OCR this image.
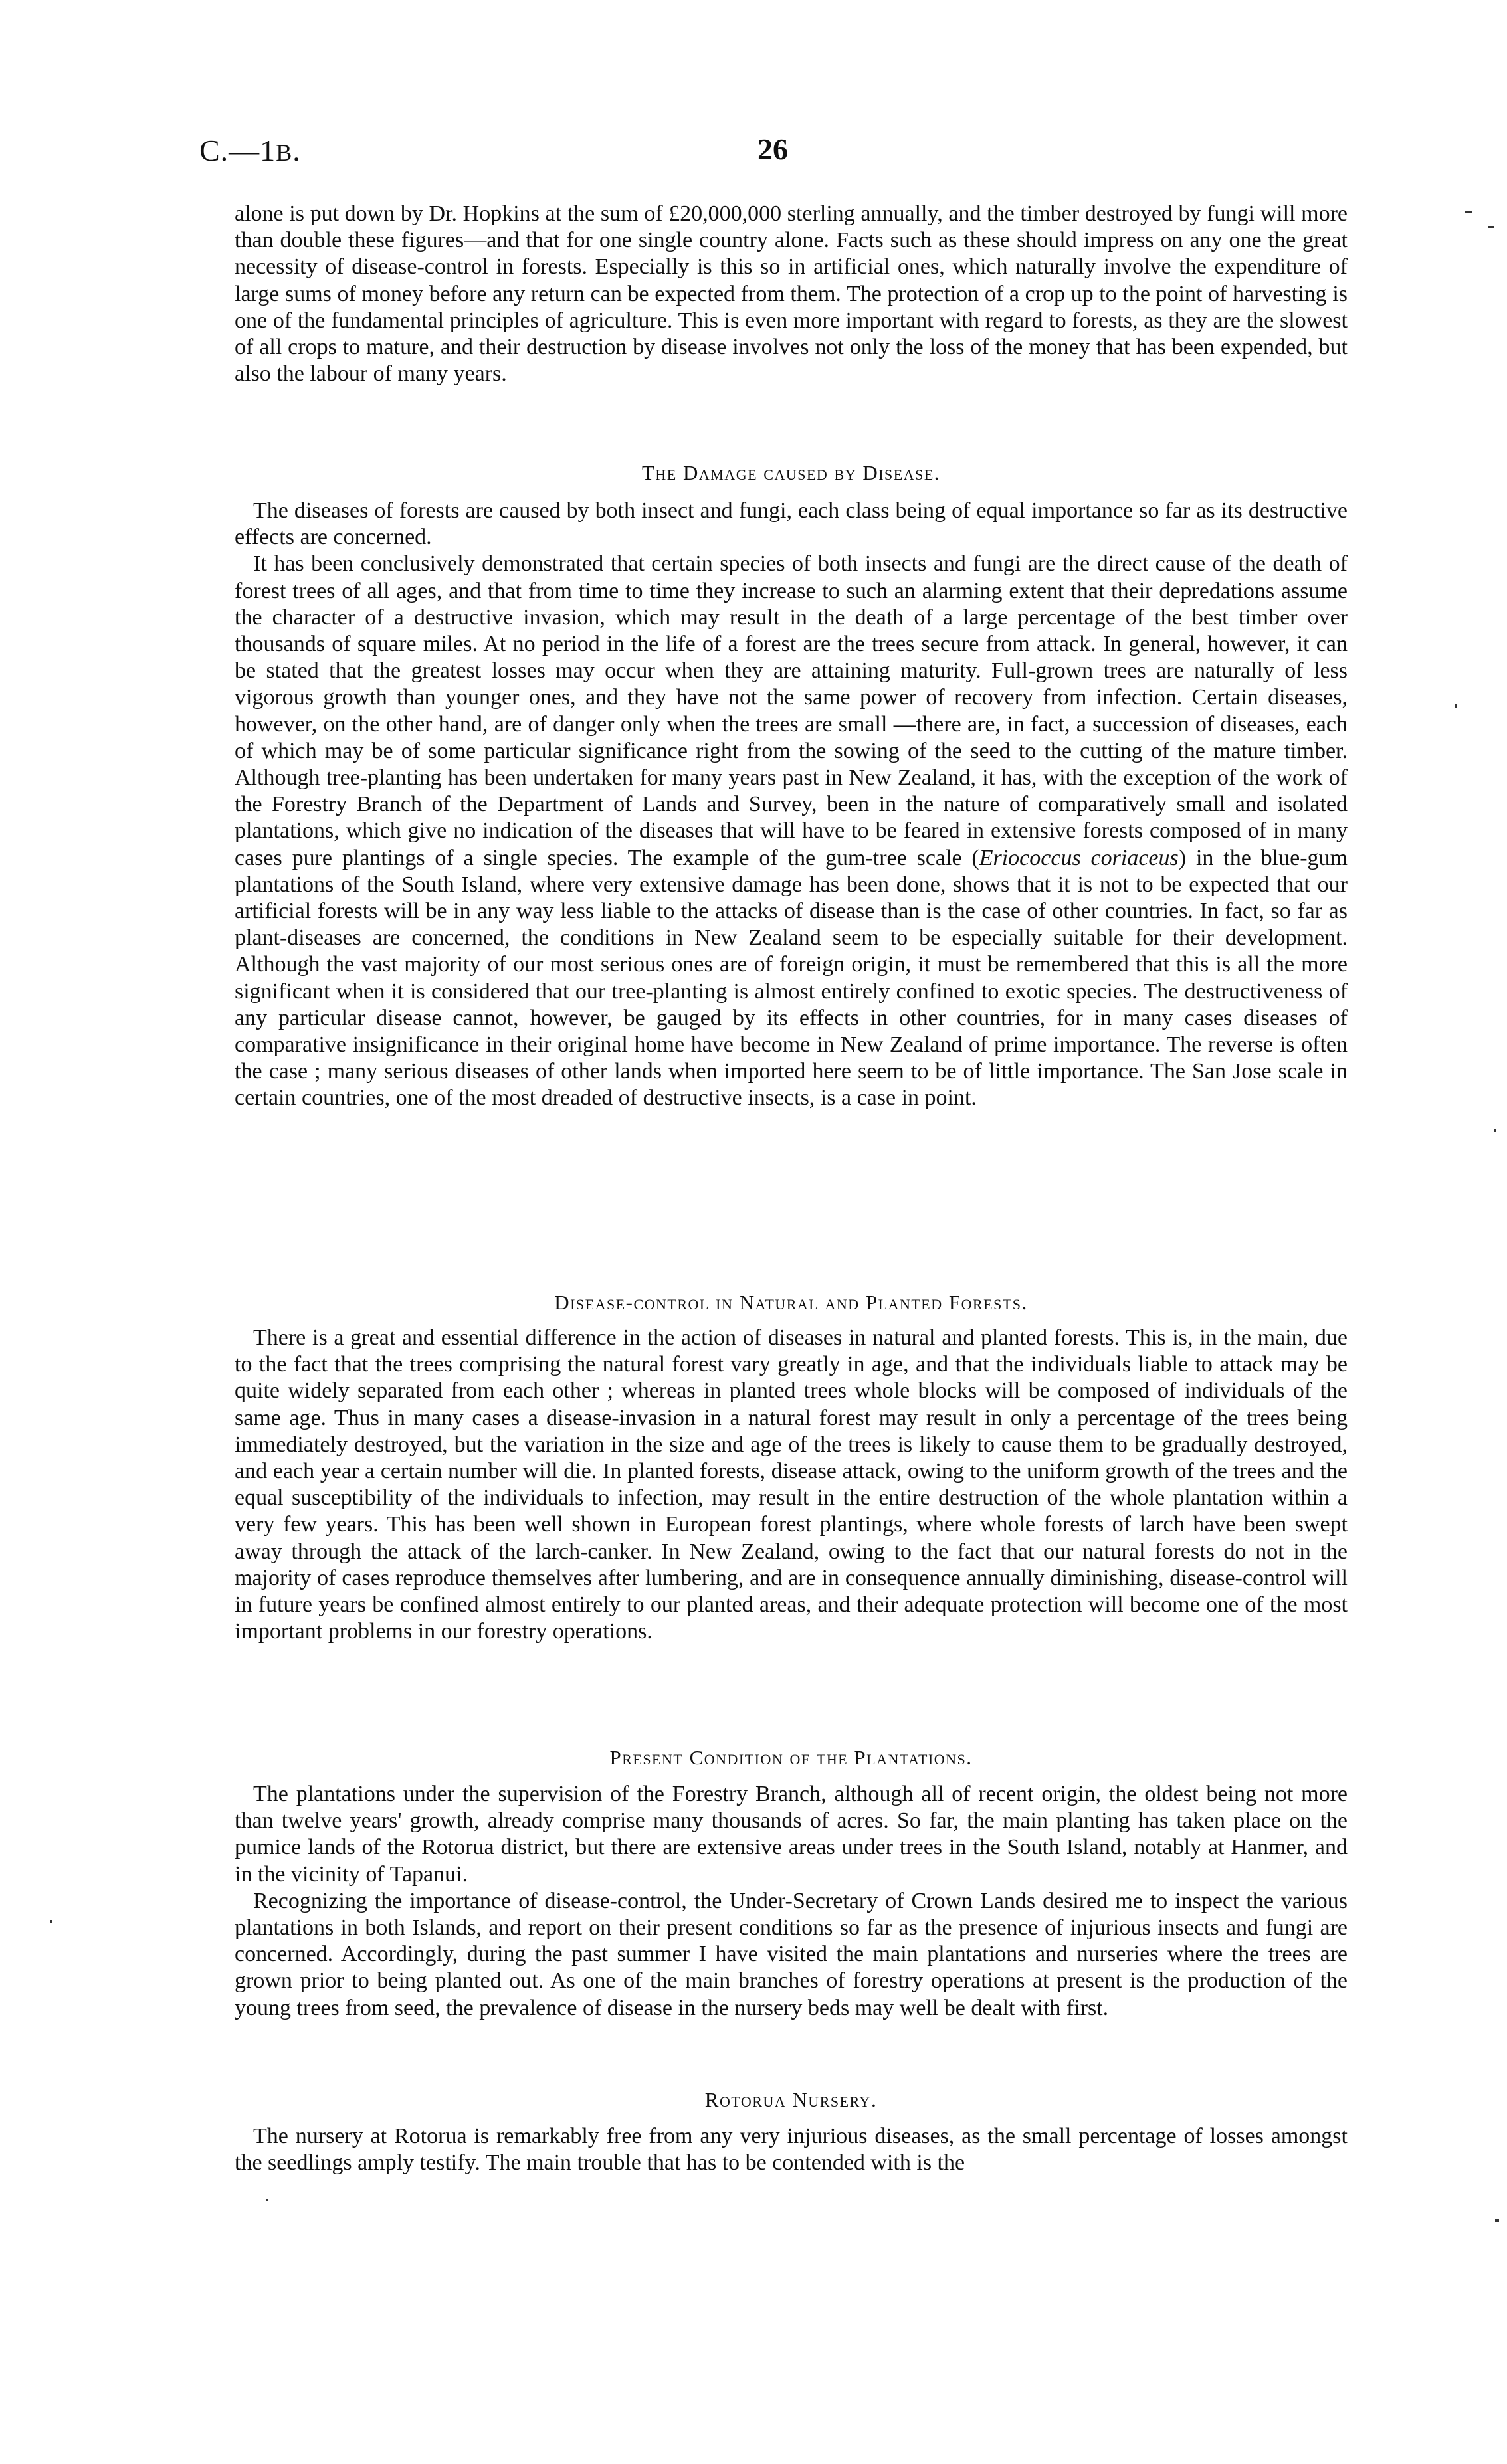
C.—1B.	26

alone is put down by Dr. Hopkins at the sum of £20,000,000 sterling annually, and the timber destroyed by fungi will more than double these figures—and that for one single country alone. Facts such as these should impress on any one the great necessity of disease-control in forests. Especially is this so in artificial ones, which naturally involve the expenditure of large sums of money before any return can be expected from them. The protection of a crop up to the point of harvesting is one of the fundamental principles of agriculture. This is even more important with regard to forests, as they are the slowest of all crops to mature, and their destruction by disease involves not only the loss of the money that has been expended, but also the labour of many years.

The Damage caused by Disease.

The diseases of forests are caused by both insect and fungi, each class being of equal importance so far as its destructive effects are concerned.

It has been conclusively demonstrated that certain species of both insects and fungi are the direct cause of the death of forest trees of all ages, and that from time to time they increase to such an alarming extent that their depredations assume the character of a destructive invasion, which may result in the death of a large percentage of the best timber over thousands of square miles. At no period in the life of a forest are the trees secure from attack. In general, however, it can be stated that the greatest losses may occur when they are attaining maturity. Full-grown trees are naturally of less vigorous growth than younger ones, and they have not the same power of recovery from infection. Certain diseases, however, on the other hand, are of danger only when the trees are small —there are, in fact, a succession of diseases, each of which may be of some particular significance right from the sowing of the seed to the cutting of the mature timber. Although tree-planting has been undertaken for many years past in New Zealand, it has, with the exception of the work of the Forestry Branch of the Department of Lands and Survey, been in the nature of comparatively small and isolated plantations, which give no indication of the diseases that will have to be feared in extensive forests composed of in many cases pure plantings of a single species. The example of the gum-tree scale (Eriococcus coriaceus) in the blue-gum plantations of the South Island, where very extensive damage has been done, shows that it is not to be expected that our artificial forests will be in any way less liable to the attacks of disease than is the case of other countries. In fact, so far as plant-diseases are concerned, the conditions in New Zealand seem to be especially suitable for their development. Although the vast majority of our most serious ones are of foreign origin, it must be remembered that this is all the more significant when it is considered that our tree-planting is almost entirely confined to exotic species. The destructiveness of any particular disease cannot, however, be gauged by its effects in other countries, for in many cases diseases of comparative insignificance in their original home have become in New Zealand of prime importance. The reverse is often the case ; many serious diseases of other lands when imported here seem to be of little importance. The San Jose scale in certain countries, one of the most dreaded of destructive insects, is a case in point.

Disease-control in Natural and Planted Forests.

There is a great and essential difference in the action of diseases in natural and planted forests. This is, in the main, due to the fact that the trees comprising the natural forest vary greatly in age, and that the individuals liable to attack may be quite widely separated from each other ; whereas in planted trees whole blocks will be composed of individuals of the same age. Thus in many cases a disease-invasion in a natural forest may result in only a percentage of the trees being immediately destroyed, but the variation in the size and age of the trees is likely to cause them to be gradually destroyed, and each year a certain number will die. In planted forests, disease attack, owing to the uniform growth of the trees and the equal susceptibility of the individuals to infection, may result in the entire destruction of the whole plantation within a very few years. This has been well shown in European forest plantings, where whole forests of larch have been swept away through the attack of the larch-canker. In New Zealand, owing to the fact that our natural forests do not in the majority of cases reproduce themselves after lumbering, and are in consequence annually diminishing, disease-control will in future years be confined almost entirely to our planted areas, and their adequate protection will become one of the most important problems in our forestry operations.

Present Condition of the Plantations.

The plantations under the supervision of the Forestry Branch, although all of recent origin, the oldest being not more than twelve years' growth, already comprise many thousands of acres. So far, the main planting has taken place on the pumice lands of the Rotorua district, but there are extensive areas under trees in the South Island, notably at Hanmer, and in the vicinity of Tapanui.

Recognizing the importance of disease-control, the Under-Secretary of Crown Lands desired me to inspect the various plantations in both Islands, and report on their present conditions so far as the presence of injurious insects and fungi are concerned. Accordingly, during the past summer I have visited the main plantations and nurseries where the trees are grown prior to being planted out. As one of the main branches of forestry operations at present is the production of the young trees from seed, the prevalence of disease in the nursery beds may well be dealt with first.

Rotorua Nursery.

The nursery at Rotorua is remarkably free from any very injurious diseases, as the small percentage of losses amongst the seedlings amply testify. The main trouble that has to be contended with is the
